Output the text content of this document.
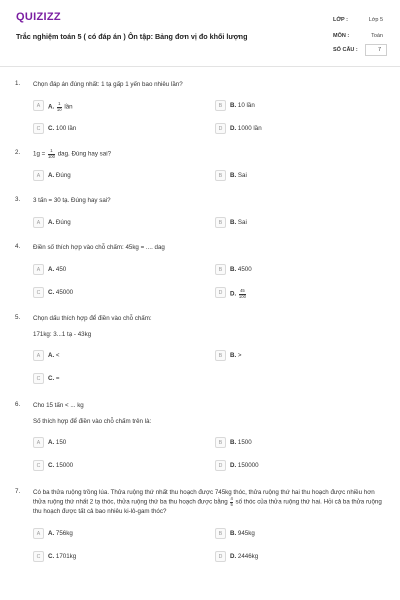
QUIZIZZ
Trắc nghiệm toán 5 ( có đáp án ) Ôn tập: Bảng đơn vị đo khối lượng
LỚP :	Lớp 5
MÔN :	Toán
SỐ CÂU :	7
1. Chọn đáp án đúng nhất: 1 tạ gấp 1 yến bao nhiêu lần?
A	A. $\frac{1}{10}$ lần	B	B. 10 lần
C	C. 100 lần	D	D. 1000 lần
2. $1g = \frac{1}{100}$ dag. Đúng hay sai?
A	A. Đúng	B	B. Sai
3. 3 tấn = 30 tạ. Đúng hay sai?
A	A. Đúng	B	B. Sai
4. Điền số thích hợp vào chỗ chấm: 45kg = .... dag
A	A. 450	B	B. 4500
C	C. 45000	D	D. $\frac{45}{100}$
5. Chọn dấu thích hợp để điền vào chỗ chấm:
171kg: 3...1 tạ - 43kg
A	A. <	B	B. >
C	C. =
6. Cho 15 tấn < ... kg
Số thích hợp để điền vào chỗ chấm trên là:
A	A. 150	B	B. 1500
C	C. 15000	D	D. 150000
7. Có ba thửa ruộng trồng lúa. Thửa ruộng thứ nhất thu hoạch được 745kg thóc, thửa ruộng thứ hai thu hoạch được nhiều hơn thửa ruộng thứ nhất 2 tạ thóc, thửa ruộng thứ ba thu hoạch được bằng $\frac{4}{5}$ số thóc của thửa ruộng thứ hai. Hỏi cả ba thửa ruộng thu hoạch được tất cả bao nhiêu ki-lô-gam thóc?
A	A. 756kg	B	B. 945kg
C	C. 1701kg	D	D. 2446kg
